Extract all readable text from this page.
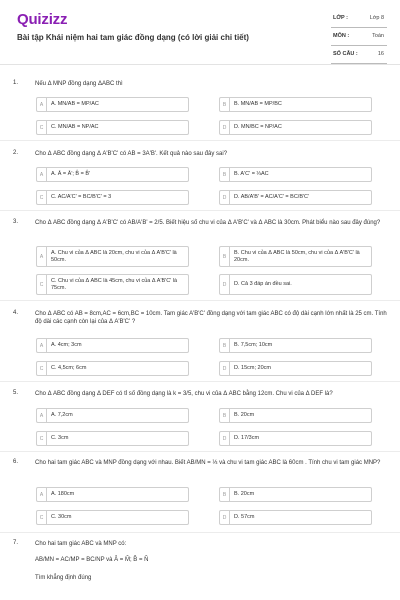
Quizizz
Bài tập Khái niệm hai tam giác đồng dạng (có lời giải chi tiết)
LỚP :	Lớp 8
MÔN :	Toán
SỐ CÂU :	16
1.	Nếu Δ MNP đồng dạng ΔABC thì
A	A. MN/AB = MP/AC	B	B. MN/AB = MP/BC
C	C. MN/AB = NP/AC	D	D. MN/BC = NP/AC
2.	Cho Δ ABC đồng dạng Δ A'B'C' có AB = 3A'B'. Kết quả nào sau đây sai?
A	A. Â = Â'; B̂ = B̂'	B	B. A'C' = ⅓AC
C	C. AC/A'C' = BC/B'C' = 3	D	D. AB/A'B' = AC/A'C' = BC/B'C'
3.	Cho Δ ABC đồng dạng Δ A'B'C' có AB/A'B' = 2/5. Biết hiệu số chu vi của Δ A'B'C' và Δ ABC là 30cm. Phát biểu nào sau đây đúng?
A
A. Chu vi của Δ ABC là 20cm, chu vi của Δ A'B'C' là 50cm.	B
B. Chu vi của Δ ABC là 50cm, chu vi của Δ A'B'C' là 20cm.
C
C. Chu vi của Δ ABC là 45cm, chu vi của Δ A'B'C' là 75cm.	D	D. Cả 3 đáp án đều sai.
4.	Cho Δ ABC có AB = 8cm,AC = 6cm,BC = 10cm. Tam giác A'B'C' đồng dạng với tam giác ABC có độ dài cạnh lớn nhất là 25 cm. Tính độ dài các cạnh còn lại của Δ A'B'C' ?
A	A. 4cm; 3cm	B	B. 7,5cm; 10cm
C	C. 4,5cm; 6cm	D	D. 15cm; 20cm
5.	Cho Δ ABC đồng dạng Δ DEF có tỉ số đồng dạng là k = 3/5, chu vi của Δ ABC bằng 12cm. Chu vi của Δ DEF là?
A	A. 7,2cm	B	B. 20cm
C	C. 3cm	D	D. 17/3cm
6.	Cho hai tam giác ABC và MNP đồng dạng với nhau. Biết AB/MN = ⅓ và chu vi tam giác ABC là 60cm . Tính chu vi tam giác MNP?
A	A. 180cm	B	B. 20cm
C	C. 30cm	D	D. 57cm
7.	Cho hai tam giác ABC và MNP có:
AB/MN = AC/MP = BC/NP và Â = M̂; B̂ = N̂
Tìm khẳng định đúng
